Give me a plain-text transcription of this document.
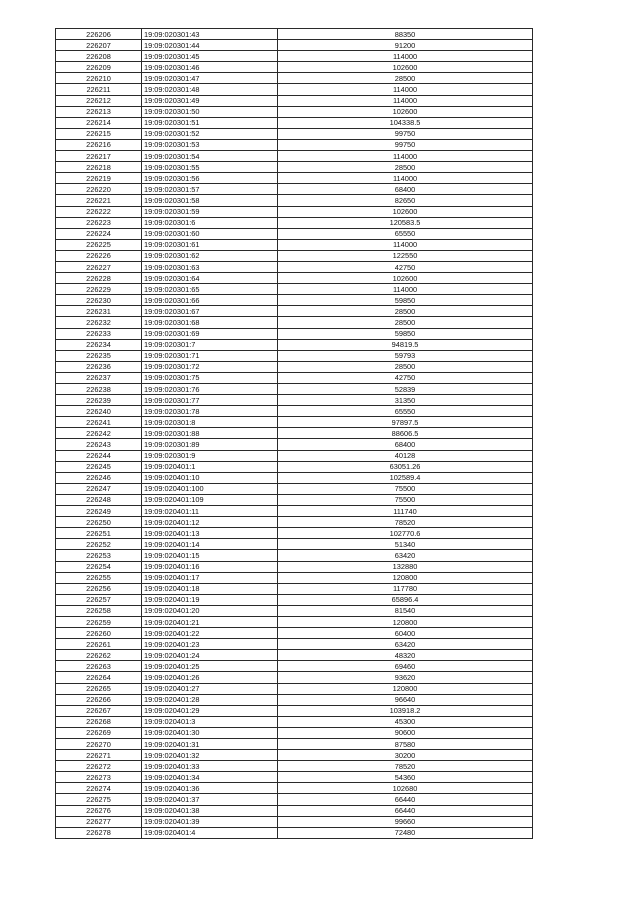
226206	19:09:020301:43	88350
226207	19:09:020301:44	91200
226208	19:09:020301:45	114000
226209	19:09:020301:46	102600
226210	19:09:020301:47	28500
226211	19:09:020301:48	114000
226212	19:09:020301:49	114000
226213	19:09:020301:50	102600
226214	19:09:020301:51	104338.5
226215	19:09:020301:52	99750
226216	19:09:020301:53	99750
226217	19:09:020301:54	114000
226218	19:09:020301:55	28500
226219	19:09:020301:56	114000
226220	19:09:020301:57	68400
226221	19:09:020301:58	82650
226222	19:09:020301:59	102600
226223	19:09:020301:6	120583.5
226224	19:09:020301:60	65550
226225	19:09:020301:61	114000
226226	19:09:020301:62	122550
226227	19:09:020301:63	42750
226228	19:09:020301:64	102600
226229	19:09:020301:65	114000
226230	19:09:020301:66	59850
226231	19:09:020301:67	28500
226232	19:09:020301:68	28500
226233	19:09:020301:69	59850
226234	19:09:020301:7	94819.5
226235	19:09:020301:71	59793
226236	19:09:020301:72	28500
226237	19:09:020301:75	42750
226238	19:09:020301:76	52839
226239	19:09:020301:77	31350
226240	19:09:020301:78	65550
226241	19:09:020301:8	97897.5
226242	19:09:020301:88	88606.5
226243	19:09:020301:89	68400
226244	19:09:020301:9	40128
226245	19:09:020401:1	63051.26
226246	19:09:020401:10	102589.4
226247	19:09:020401:100	75500
226248	19:09:020401:109	75500
226249	19:09:020401:11	111740
226250	19:09:020401:12	78520
226251	19:09:020401:13	102770.6
226252	19:09:020401:14	51340
226253	19:09:020401:15	63420
226254	19:09:020401:16	132880
226255	19:09:020401:17	120800
226256	19:09:020401:18	117780
226257	19:09:020401:19	65896.4
226258	19:09:020401:20	81540
226259	19:09:020401:21	120800
226260	19:09:020401:22	60400
226261	19:09:020401:23	63420
226262	19:09:020401:24	48320
226263	19:09:020401:25	69460
226264	19:09:020401:26	93620
226265	19:09:020401:27	120800
226266	19:09:020401:28	96640
226267	19:09:020401:29	103918.2
226268	19:09:020401:3	45300
226269	19:09:020401:30	90600
226270	19:09:020401:31	87580
226271	19:09:020401:32	30200
226272	19:09:020401:33	78520
226273	19:09:020401:34	54360
226274	19:09:020401:36	102680
226275	19:09:020401:37	66440
226276	19:09:020401:38	66440
226277	19:09:020401:39	99660
226278	19:09:020401:4	72480
